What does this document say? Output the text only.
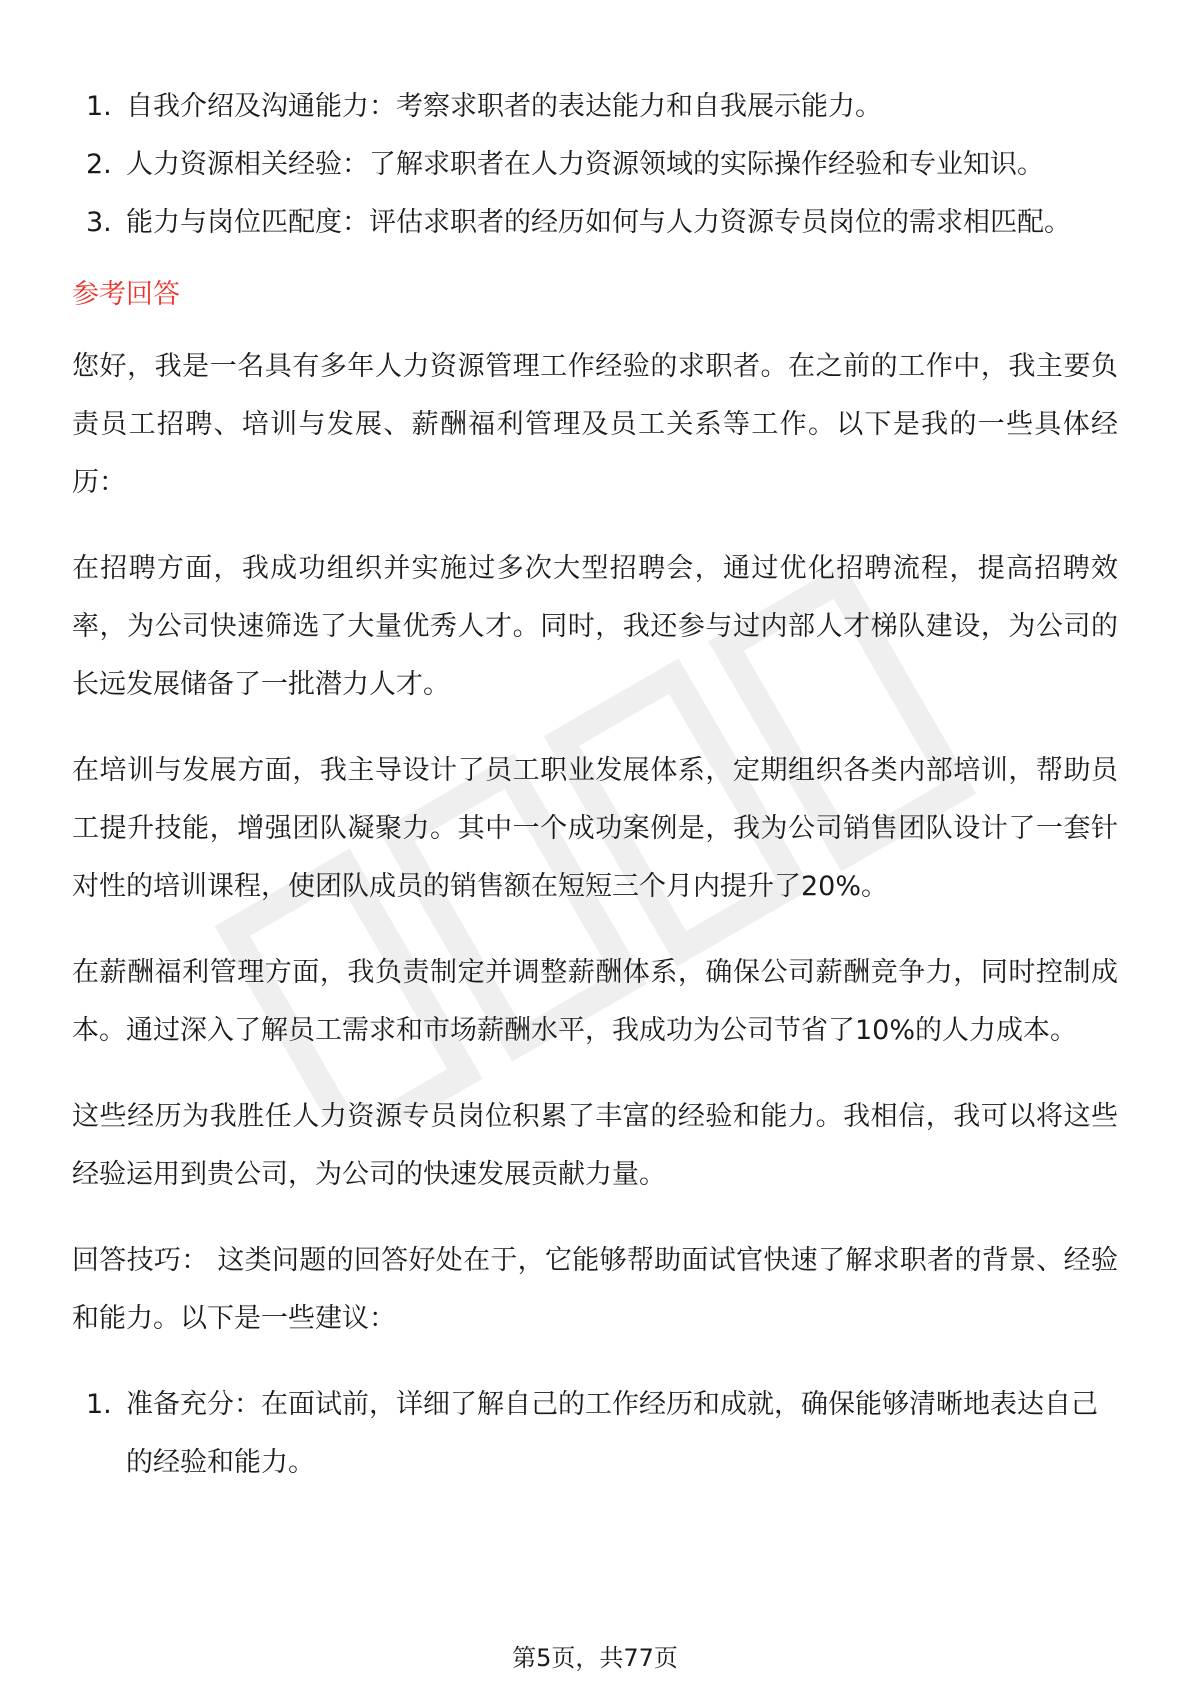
1. 自我介绍及沟通能力：考察求职者的表达能力和自我展示能力。
2. 人力资源相关经验：了解求职者在人力资源领域的实际操作经验和专业知识。
3. 能力与岗位匹配度：评估求职者的经历如何与人力资源专员岗位的需求相匹配。
参考回答

您好，我是一名具有多年人力资源管理工作经验的求职者。在之前的工作中，我主要负责员工招聘、培训与发展、薪酬福利管理及员工关系等工作。以下是我的一些具体经历：

在招聘方面，我成功组织并实施过多次大型招聘会，通过优化招聘流程，提高招聘效率，为公司快速筛选了大量优秀人才。同时，我还参与过内部人才梯队建设，为公司的长远发展储备了一批潜力人才。

在培训与发展方面，我主导设计了员工职业发展体系，定期组织各类内部培训，帮助员工提升技能，增强团队凝聚力。其中一个成功案例是，我为公司销售团队设计了一套针对性的培训课程，使团队成员的销售额在短短三个月内提升了20%。

在薪酬福利管理方面，我负责制定并调整薪酬体系，确保公司薪酬竞争力，同时控制成本。通过深入了解员工需求和市场薪酬水平，我成功为公司节省了10%的人力成本。

这些经历为我胜任人力资源专员岗位积累了丰富的经验和能力。我相信，我可以将这些经验运用到贵公司，为公司的快速发展贡献力量。

回答技巧： 这类问题的回答好处在于，它能够帮助面试官快速了解求职者的背景、经验和能力。以下是一些建议：

1. 准备充分：在面试前，详细了解自己的工作经历和成就，确保能够清晰地表达自己的经验和能力。
第5页，共77页
